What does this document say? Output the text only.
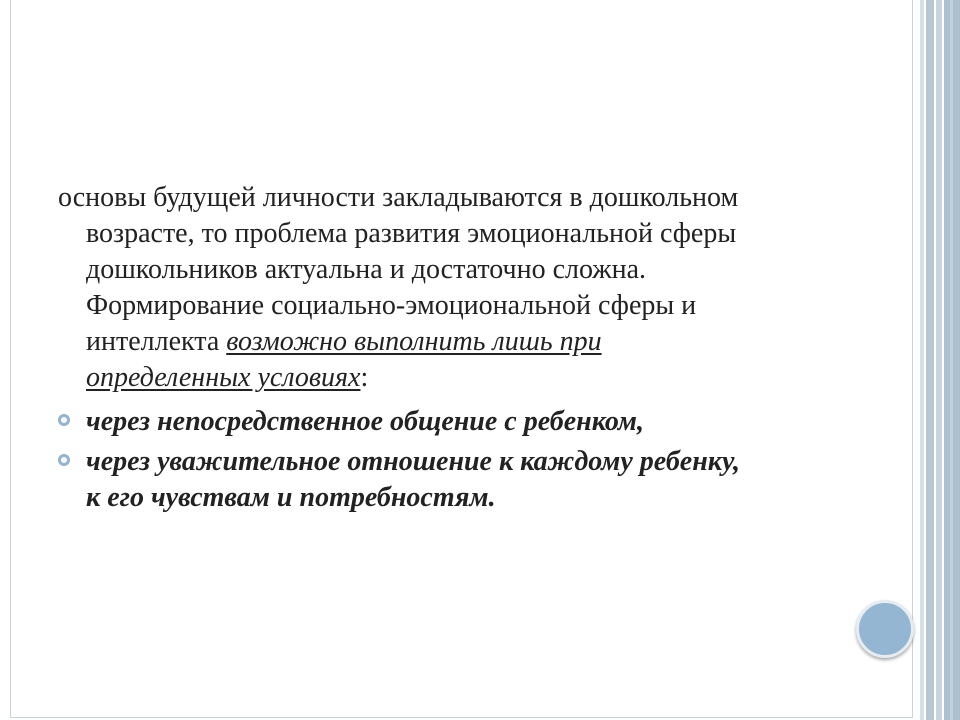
основы будущей личности закладываются в дошкольном возрасте, то проблема развития эмоциональной сферы дошкольников актуальна и достаточно сложна. Формирование социально-эмоциональной сферы и интеллекта возможно выполнить лишь при определенных условиях:

через непосредственное общение с ребенком,
через уважительное отношение к каждому ребенку, к его чувствам и потребностям.
